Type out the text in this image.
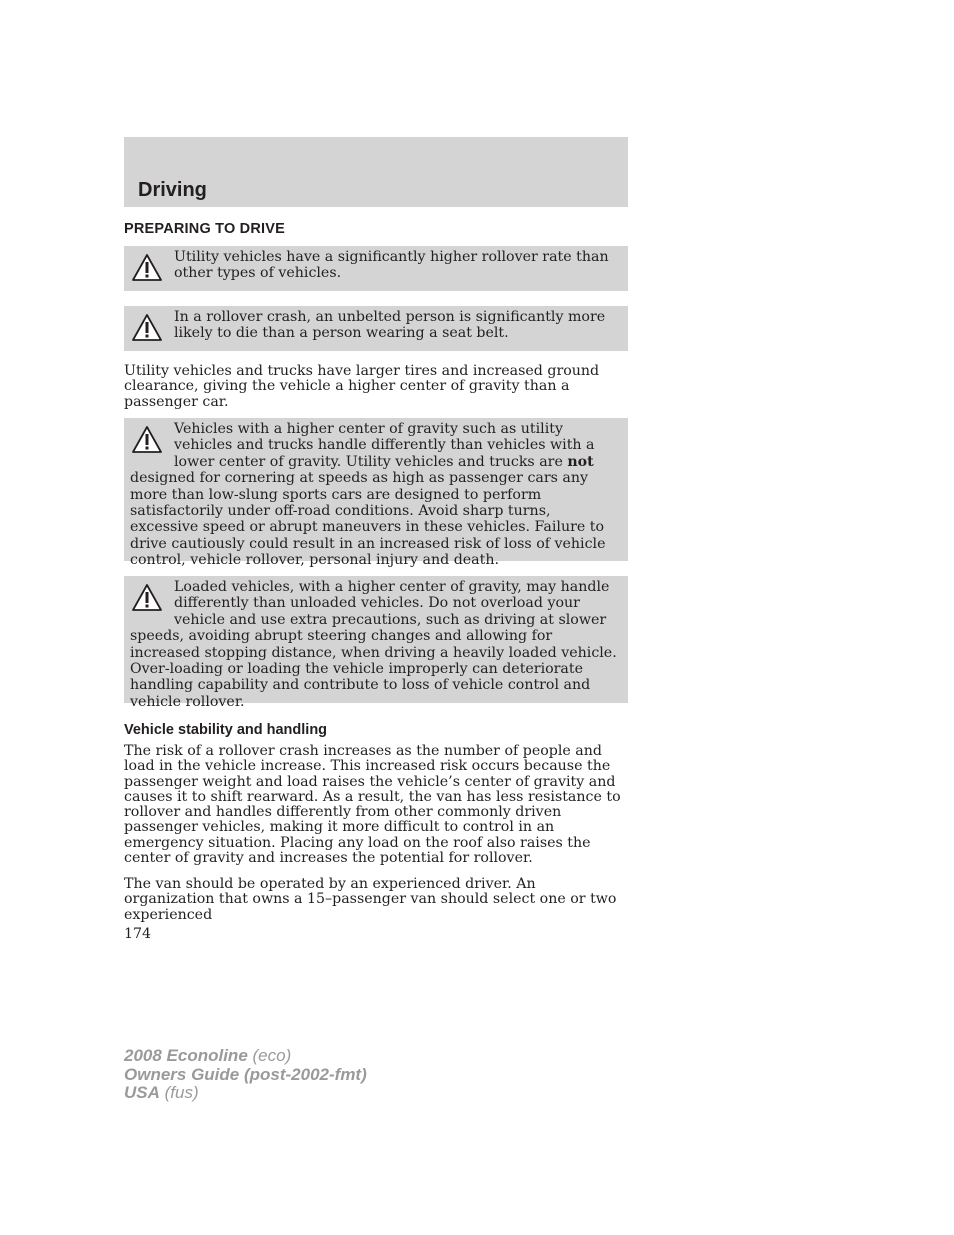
Driving
PREPARING TO DRIVE
Utility vehicles have a significantly higher rollover rate than other types of vehicles.
In a rollover crash, an unbelted person is significantly more likely to die than a person wearing a seat belt.

Utility vehicles and trucks have larger tires and increased ground clearance, giving the vehicle a higher center of gravity than a passenger car.

Vehicles with a higher center of gravity such as utility vehicles and trucks handle differently than vehicles with a lower center of gravity. Utility vehicles and trucks are not designed for cornering at speeds as high as passenger cars any more than low-slung sports cars are designed to perform satisfactorily under off-road conditions. Avoid sharp turns, excessive speed or abrupt maneuvers in these vehicles. Failure to drive cautiously could result in an increased risk of loss of vehicle control, vehicle rollover, personal injury and death.
Loaded vehicles, with a higher center of gravity, may handle differently than unloaded vehicles. Do not overload your vehicle and use extra precautions, such as driving at slower speeds, avoiding abrupt steering changes and allowing for increased stopping distance, when driving a heavily loaded vehicle. Over-loading or loading the vehicle improperly can deteriorate handling capability and contribute to loss of vehicle control and vehicle rollover.
Vehicle stability and handling

The risk of a rollover crash increases as the number of people and load in the vehicle increase. This increased risk occurs because the passenger weight and load raises the vehicle’s center of gravity and causes it to shift rearward. As a result, the van has less resistance to rollover and handles differently from other commonly driven passenger vehicles, making it more difficult to control in an emergency situation. Placing any load on the roof also raises the center of gravity and increases the potential for rollover.

The van should be operated by an experienced driver. An organization that owns a 15–passenger van should select one or two experienced

174
2008 Econoline (eco)
Owners Guide (post-2002-fmt)
USA (fus)
